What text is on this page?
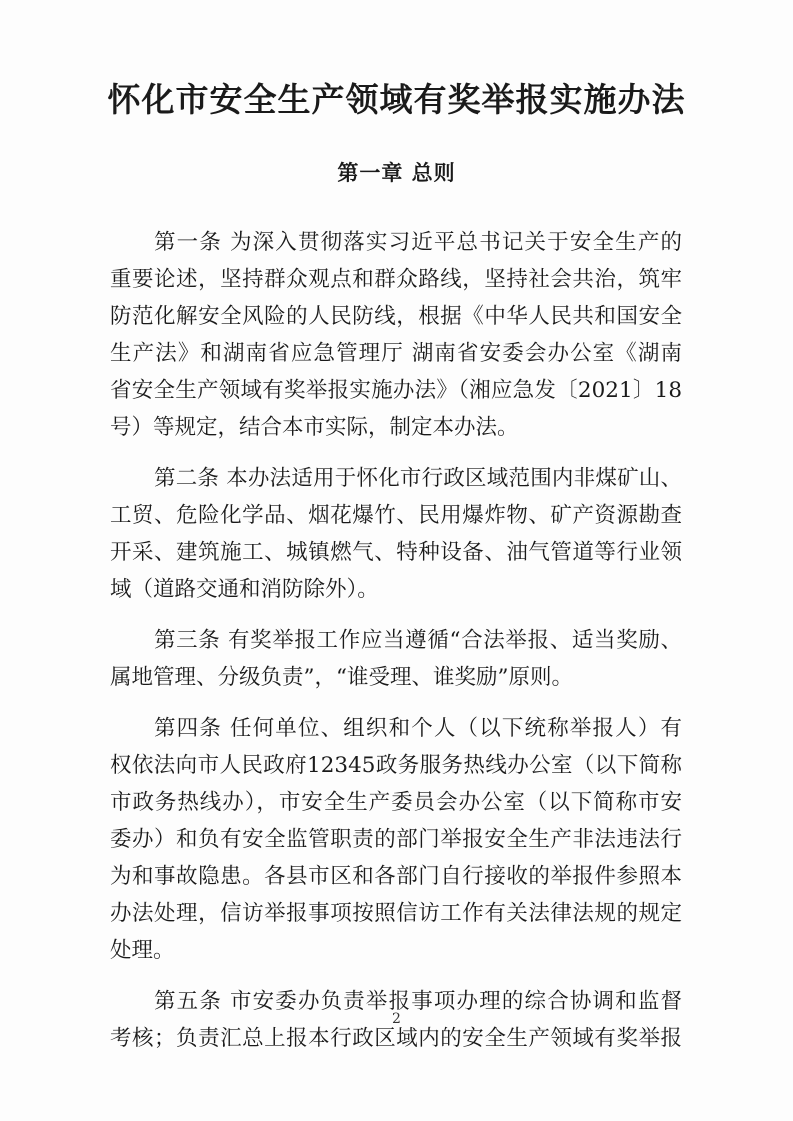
怀化市安全生产领域有奖举报实施办法
第一章 总则
第一条 为深入贯彻落实习近平总书记关于安全生产的
重要论述，坚持群众观点和群众路线，坚持社会共治，筑牢
防范化解安全风险的人民防线，根据《中华人民共和国安全
生产法》和湖南省应急管理厅 湖南省安委会办公室《湖南
省安全生产领域有奖举报实施办法》（湘应急发〔2021〕18
号）等规定，结合本市实际，制定本办法。
第二条 本办法适用于怀化市行政区域范围内非煤矿山、
工贸、危险化学品、烟花爆竹、民用爆炸物、矿产资源勘查
开采、建筑施工、城镇燃气、特种设备、油气管道等行业领
域（道路交通和消防除外）。
第三条 有奖举报工作应当遵循“合法举报、适当奖励、
属地管理、分级负责”，“谁受理、谁奖励”原则。
第四条 任何单位、组织和个人（以下统称举报人）有
权依法向市人民政府12345政务服务热线办公室（以下简称
市政务热线办），市安全生产委员会办公室（以下简称市安
委办）和负有安全监管职责的部门举报安全生产非法违法行
为和事故隐患。各县市区和各部门自行接收的举报件参照本
办法处理，信访举报事项按照信访工作有关法律法规的规定
处理。
第五条 市安委办负责举报事项办理的综合协调和监督
考核；负责汇总上报本行政区域内的安全生产领域有奖举报
2
